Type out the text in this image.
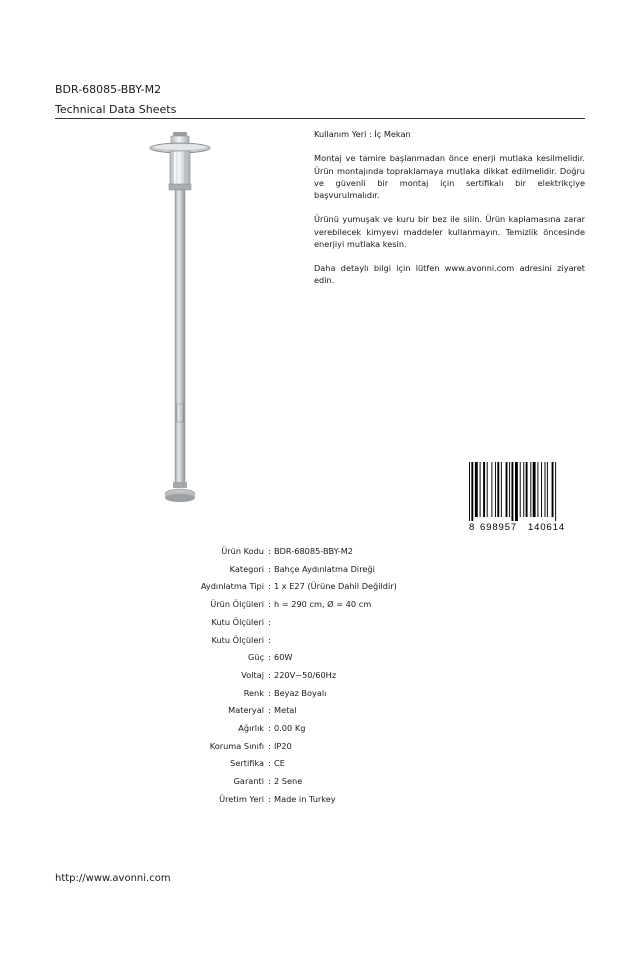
BDR-68085-BBY-M2
Technical Data Sheets

Kullanım Yeri : İç Mekan

Montaj ve tamire başlanmadan önce enerji mutlaka kesilmelidir. Ürün montajında topraklamaya mutlaka dikkat edilmelidir. Doğru ve güvenli bir montaj için sertifikalı bir elektrikçiye başvurulmalıdır.

Ürünü yumuşak ve kuru bir bez ile silin. Ürün kaplamasına zarar verebilecek kimyevi maddeler kullanmayın. Temizlik öncesinde enerjiyi mutlaka kesin.

Daha detaylı bilgi için lütfen www.avonni.com adresini ziyaret edin.

8 698957 140614
Ürün Kodu : BDR-68085-BBY-M2
Kategori : Bahçe Aydınlatma Direği
Aydınlatma Tipi : 1 x E27 (Ürüne Dahil Değildir)
Ürün Ölçüleri : h = 290 cm, Ø = 40 cm
Kutu Ölçüleri :
Kutu Ölçüleri :
Güç : 60W
Voltaj : 220V~50/60Hz
Renk : Beyaz Boyalı
Materyal : Metal
Ağırlık : 0.00 Kg
Koruma Sınıfı : IP20
Sertifika : CE
Garanti : 2 Sene
Üretim Yeri : Made in Turkey
http://www.avonni.com
